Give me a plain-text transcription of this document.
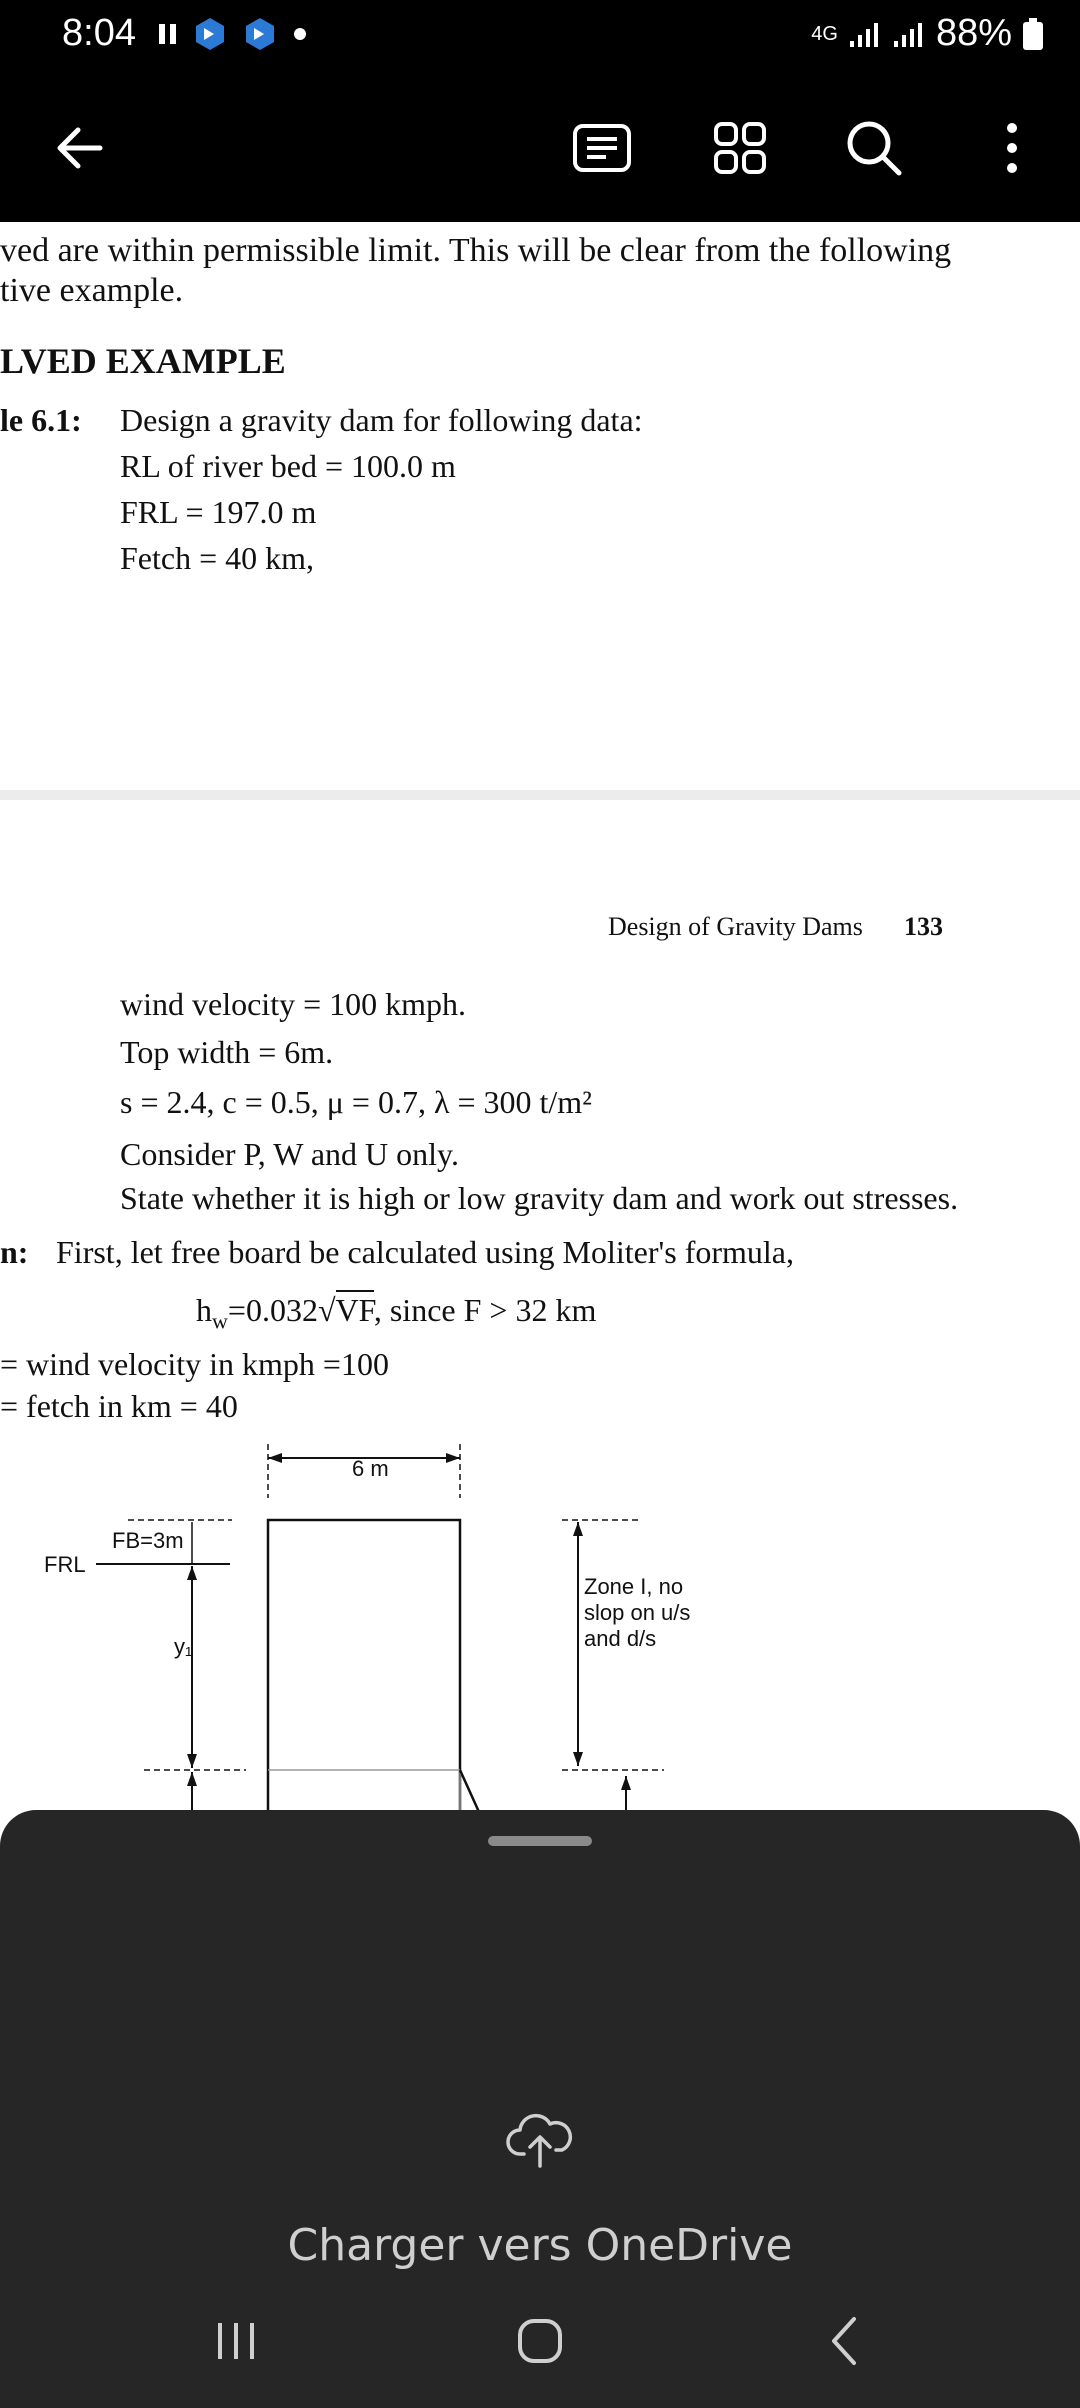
8:04	4G	88%
ved are within permissible limit. This will be clear from the following
tive example.
LVED EXAMPLE
le 6.1: Design a gravity dam for following data:
RL of river bed = 100.0 m
FRL = 197.0 m
Fetch = 40 km,
Design of Gravity Dams 133
wind velocity = 100 kmph.
Top width = 6m.
s = 2.4, c = 0.5, μ = 0.7, λ = 300 t/m²
Consider P, W and U only.
State whether it is high or low gravity dam and work out stresses.
n: First, let free board be calculated using Moliter's formula,
$h_w=0.032√VF$, since F > 32 km
= wind velocity in kmph =100
= fetch in km = 40
6 m
FRL
FB=3m
y₁
Zone I, no
slop on u/s
and d/s
Charger vers OneDrive
